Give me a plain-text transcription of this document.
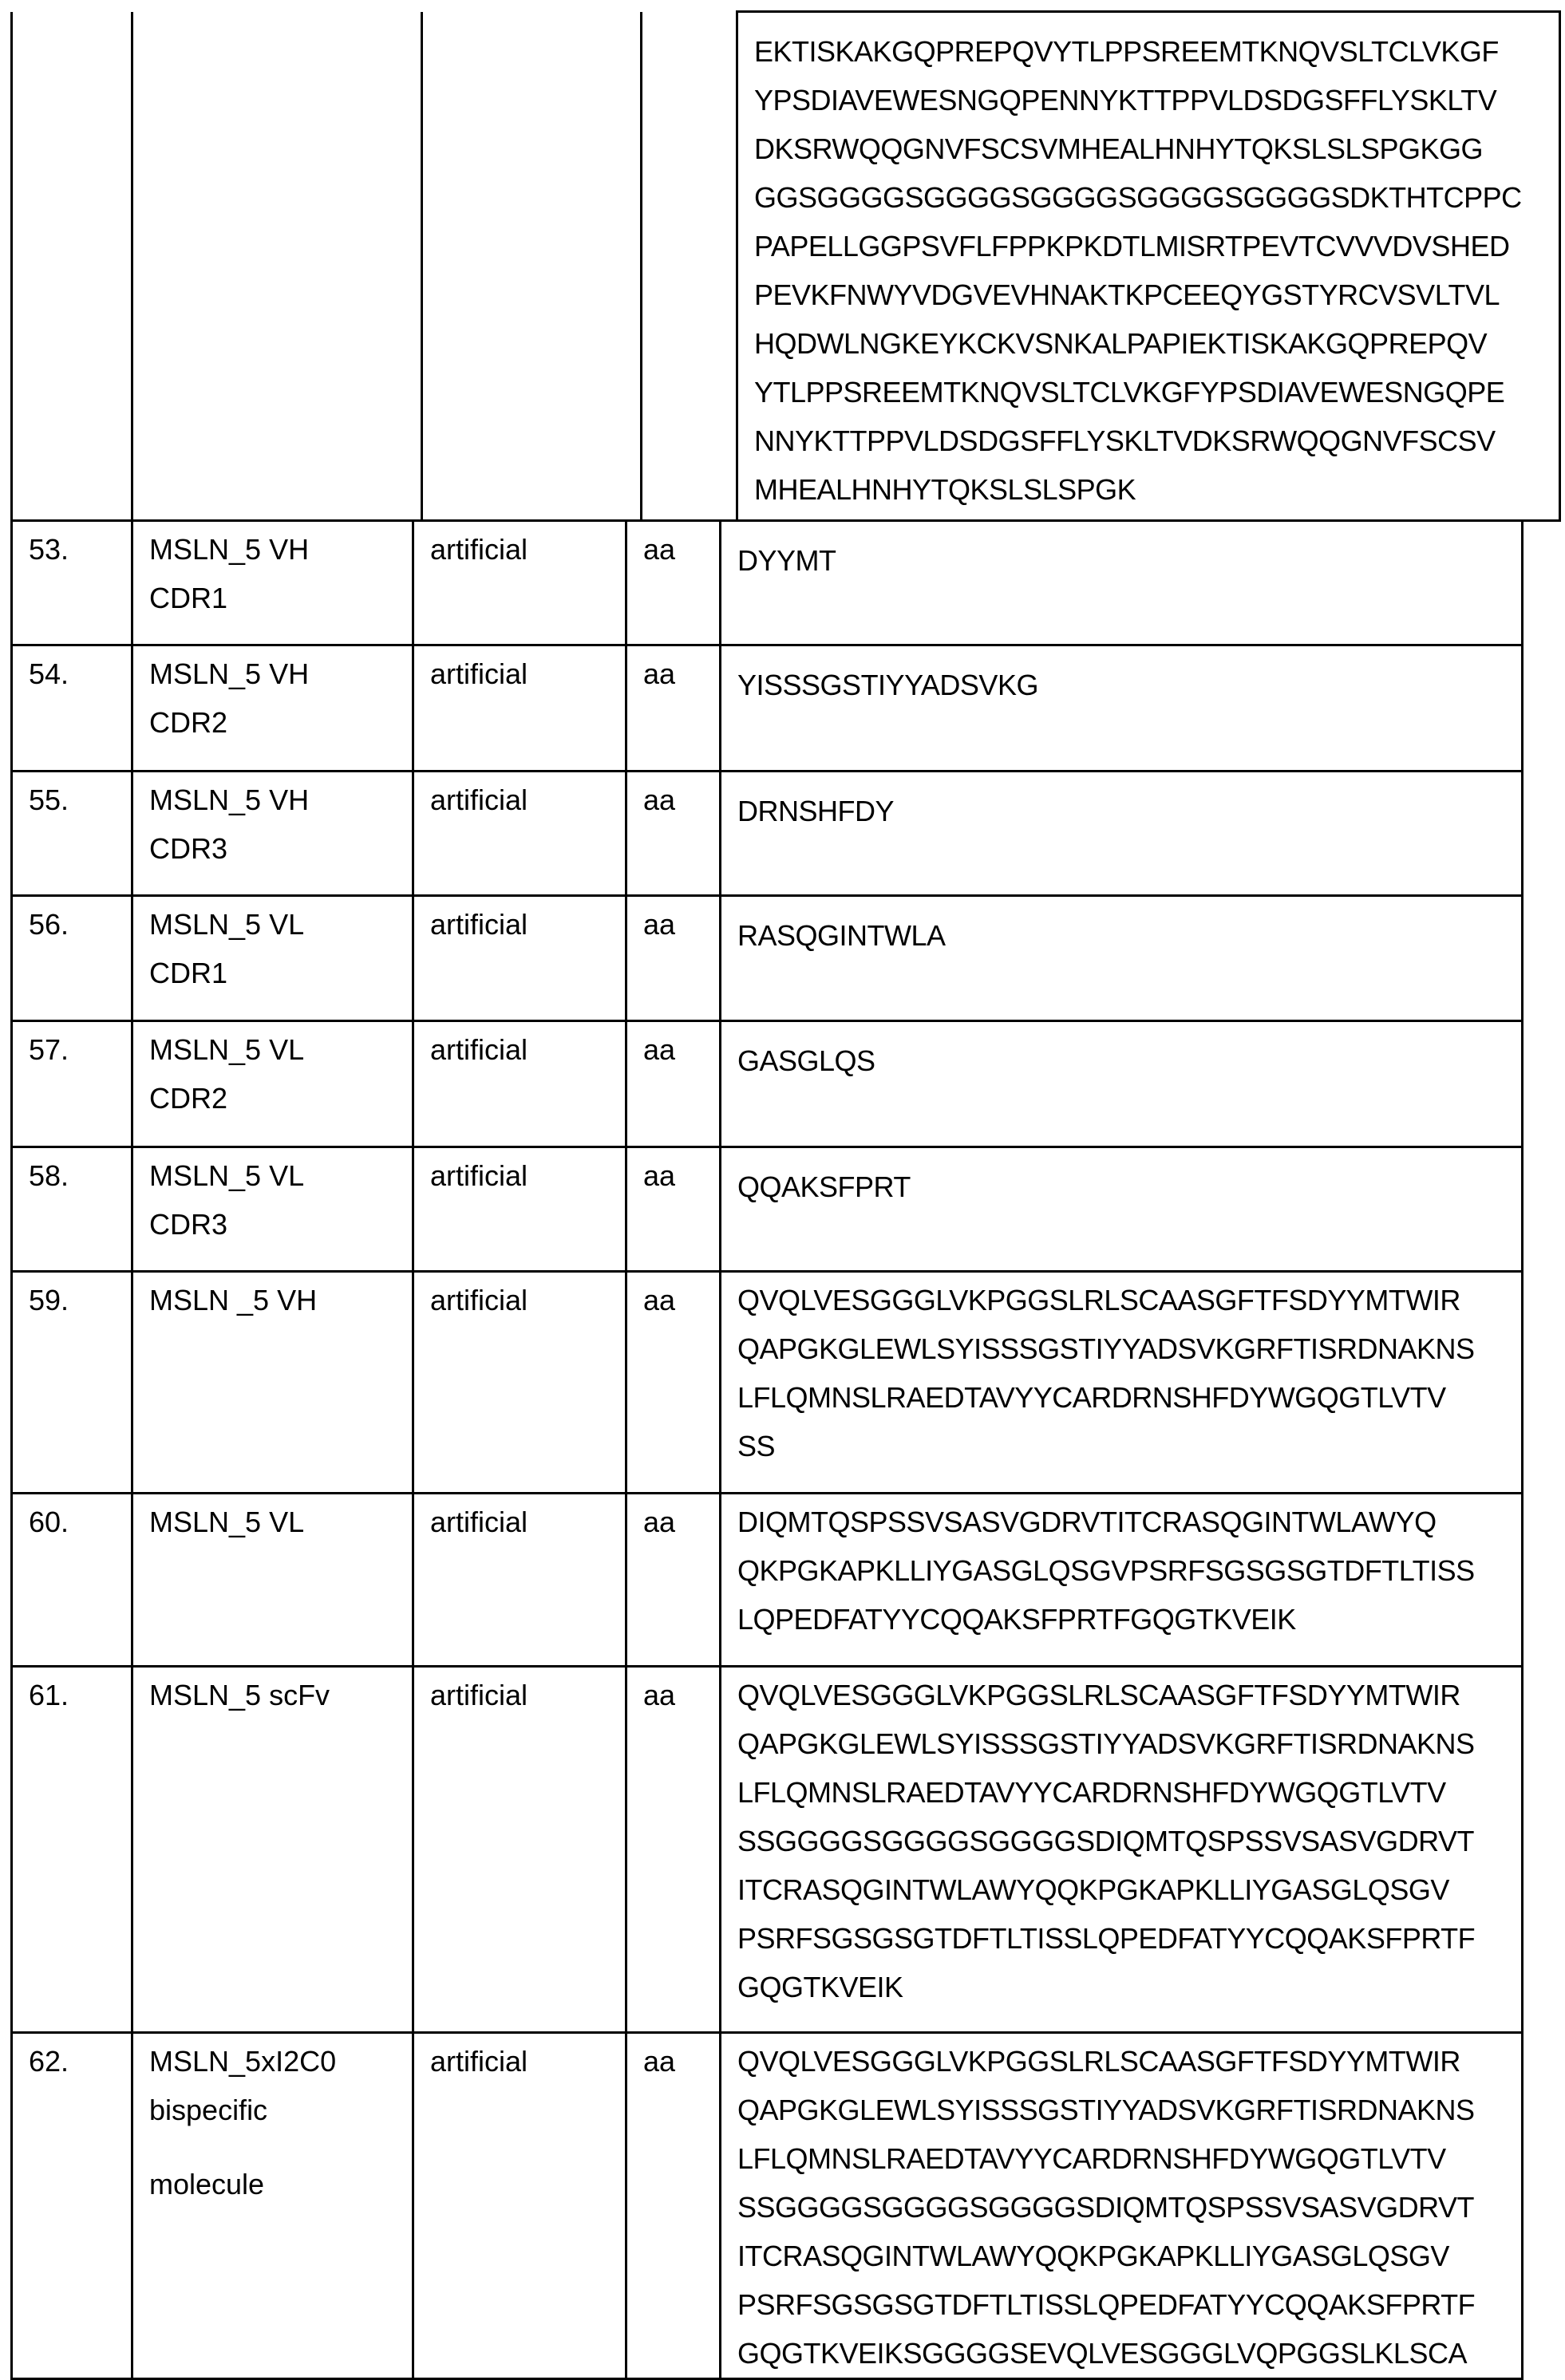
EKTISKAKGQPREPQVYTLPPSREEMTKNQVSLTCLVKGF
YPSDIAVEWESNGQPENNYKTTPPVLDSDGSFFLYSKLTV
DKSRWQQGNVFSCSVMHEALHNHYTQKSLSLSPGKGG
GGSGGGGSGGGGSGGGGSGGGGSGGGGSDKTHTCPPC
PAPELLGGPSVFLFPPKPKDTLMISRTPEVTCVVVDVSHED
PEVKFNWYVDGVEVHNAKTKPCEEQYGSTYRCVSVLTVL
HQDWLNGKEYKCKVSNKALPAPIEKTISKAKGQPREPQV
YTLPPSREEMTKNQVSLTCLVKGFYPSDIAVEWESNGQPE
NNYKTTPPVLDSDGSFFLYSKLTVDKSRWQQGNVFSCSV
MHEALHNHYTQKSLSLSPGK
53.	MSLN_5 VH
CDR1

artificial	aa	DYYMT

54.	MSLN_5 VH
CDR2

artificial	aa	YISSSGSTIYYADSVKG

55.	MSLN_5 VH
CDR3

artificial	aa	DRNSHFDY

56.	MSLN_5 VL
CDR1

artificial	aa	RASQGINTWLA

57.	MSLN_5 VL
CDR2

artificial	aa	GASGLQS

58.	MSLN_5 VL
CDR3

artificial	aa	QQAKSFPRT

59.	MSLN _5 VH	artificial	aa	QVQLVESGGGLVKPGGSLRLSCAASGFTFSDYYMTWIR
QAPGKGLEWLSYISSSGSTIYYADSVKGRFTISRDNAKNS
LFLQMNSLRAEDTAVYYCARDRNSHFDYWGQGTLVTV
SS

60.	MSLN_5 VL	artificial	aa	DIQMTQSPSSVSASVGDRVTITCRASQGINTWLAWYQ
QKPGKAPKLLIYGASGLQSGVPSRFSGSGSGTDFTLTISS
LQPEDFATYYCQQAKSFPRTFGQGTKVEIK

61.	MSLN_5 scFv	artificial	aa	QVQLVESGGGLVKPGGSLRLSCAASGFTFSDYYMTWIR
QAPGKGLEWLSYISSSGSTIYYADSVKGRFTISRDNAKNS
LFLQMNSLRAEDTAVYYCARDRNSHFDYWGQGTLVTV
SSGGGGSGGGGSGGGGSDIQMTQSPSSVSASVGDRVT
ITCRASQGINTWLAWYQQKPGKAPKLLIYGASGLQSGV
PSRFSGSGSGTDFTLTISSLQPEDFATYYCQQAKSFPRTF
GQGTKVEIK

62.	MSLN_5xI2C0
bispecific
molecule

artificial	aa	QVQLVESGGGLVKPGGSLRLSCAASGFTFSDYYMTWIR
QAPGKGLEWLSYISSSGSTIYYADSVKGRFTISRDNAKNS
LFLQMNSLRAEDTAVYYCARDRNSHFDYWGQGTLVTV
SSGGGGSGGGGSGGGGSDIQMTQSPSSVSASVGDRVT
ITCRASQGINTWLAWYQQKPGKAPKLLIYGASGLQSGV
PSRFSGSGSGTDFTLTISSLQPEDFATYYCQQAKSFPRTF
GQGTKVEIKSGGGGSEVQLVESGGGLVQPGGSLKLSCA
